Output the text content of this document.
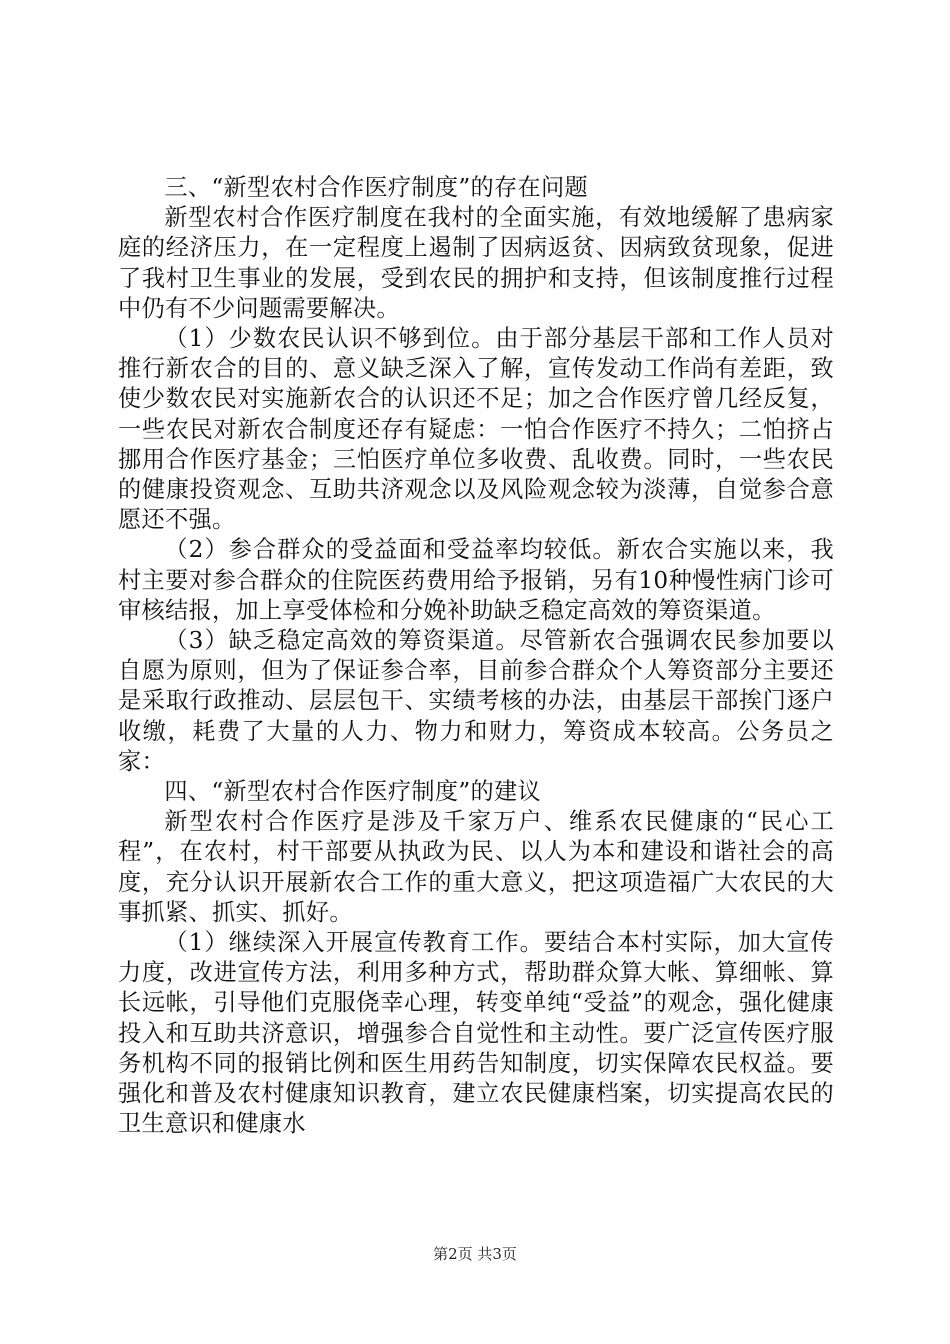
三、“新型农村合作医疗制度”的存在问题

新型农村合作医疗制度在我村的全面实施，有效地缓解了患病家庭的经济压力，在一定程度上遏制了因病返贫、因病致贫现象，促进了我村卫生事业的发展，受到农民的拥护和支持，但该制度推行过程中仍有不少问题需要解决。

（1）少数农民认识不够到位。由于部分基层干部和工作人员对推行新农合的目的、意义缺乏深入了解，宣传发动工作尚有差距，致使少数农民对实施新农合的认识还不足；加之合作医疗曾几经反复，一些农民对新农合制度还存有疑虑：一怕合作医疗不持久；二怕挤占挪用合作医疗基金；三怕医疗单位多收费、乱收费。同时，一些农民的健康投资观念、互助共济观念以及风险观念较为淡薄，自觉参合意愿还不强。

（2）参合群众的受益面和受益率均较低。新农合实施以来，我村主要对参合群众的住院医药费用给予报销，另有10种慢性病门诊可审核结报，加上享受体检和分娩补助缺乏稳定高效的筹资渠道。

（3）缺乏稳定高效的筹资渠道。尽管新农合强调农民参加要以自愿为原则，但为了保证参合率，目前参合群众个人筹资部分主要还是采取行政推动、层层包干、实绩考核的办法，由基层干部挨门逐户收缴，耗费了大量的人力、物力和财力，筹资成本较高。公务员之家：

四、“新型农村合作医疗制度”的建议

新型农村合作医疗是涉及千家万户、维系农民健康的“民心工程”，在农村，村干部要从执政为民、以人为本和建设和谐社会的高度，充分认识开展新农合工作的重大意义，把这项造福广大农民的大事抓紧、抓实、抓好。

（1）继续深入开展宣传教育工作。要结合本村实际，加大宣传力度，改进宣传方法，利用多种方式，帮助群众算大帐、算细帐、算长远帐，引导他们克服侥幸心理，转变单纯“受益”的观念，强化健康投入和互助共济意识，增强参合自觉性和主动性。要广泛宣传医疗服务机构不同的报销比例和医生用药告知制度，切实保障农民权益。要强化和普及农村健康知识教育，建立农民健康档案，切实提高农民的卫生意识和健康水

第2页 共3页
